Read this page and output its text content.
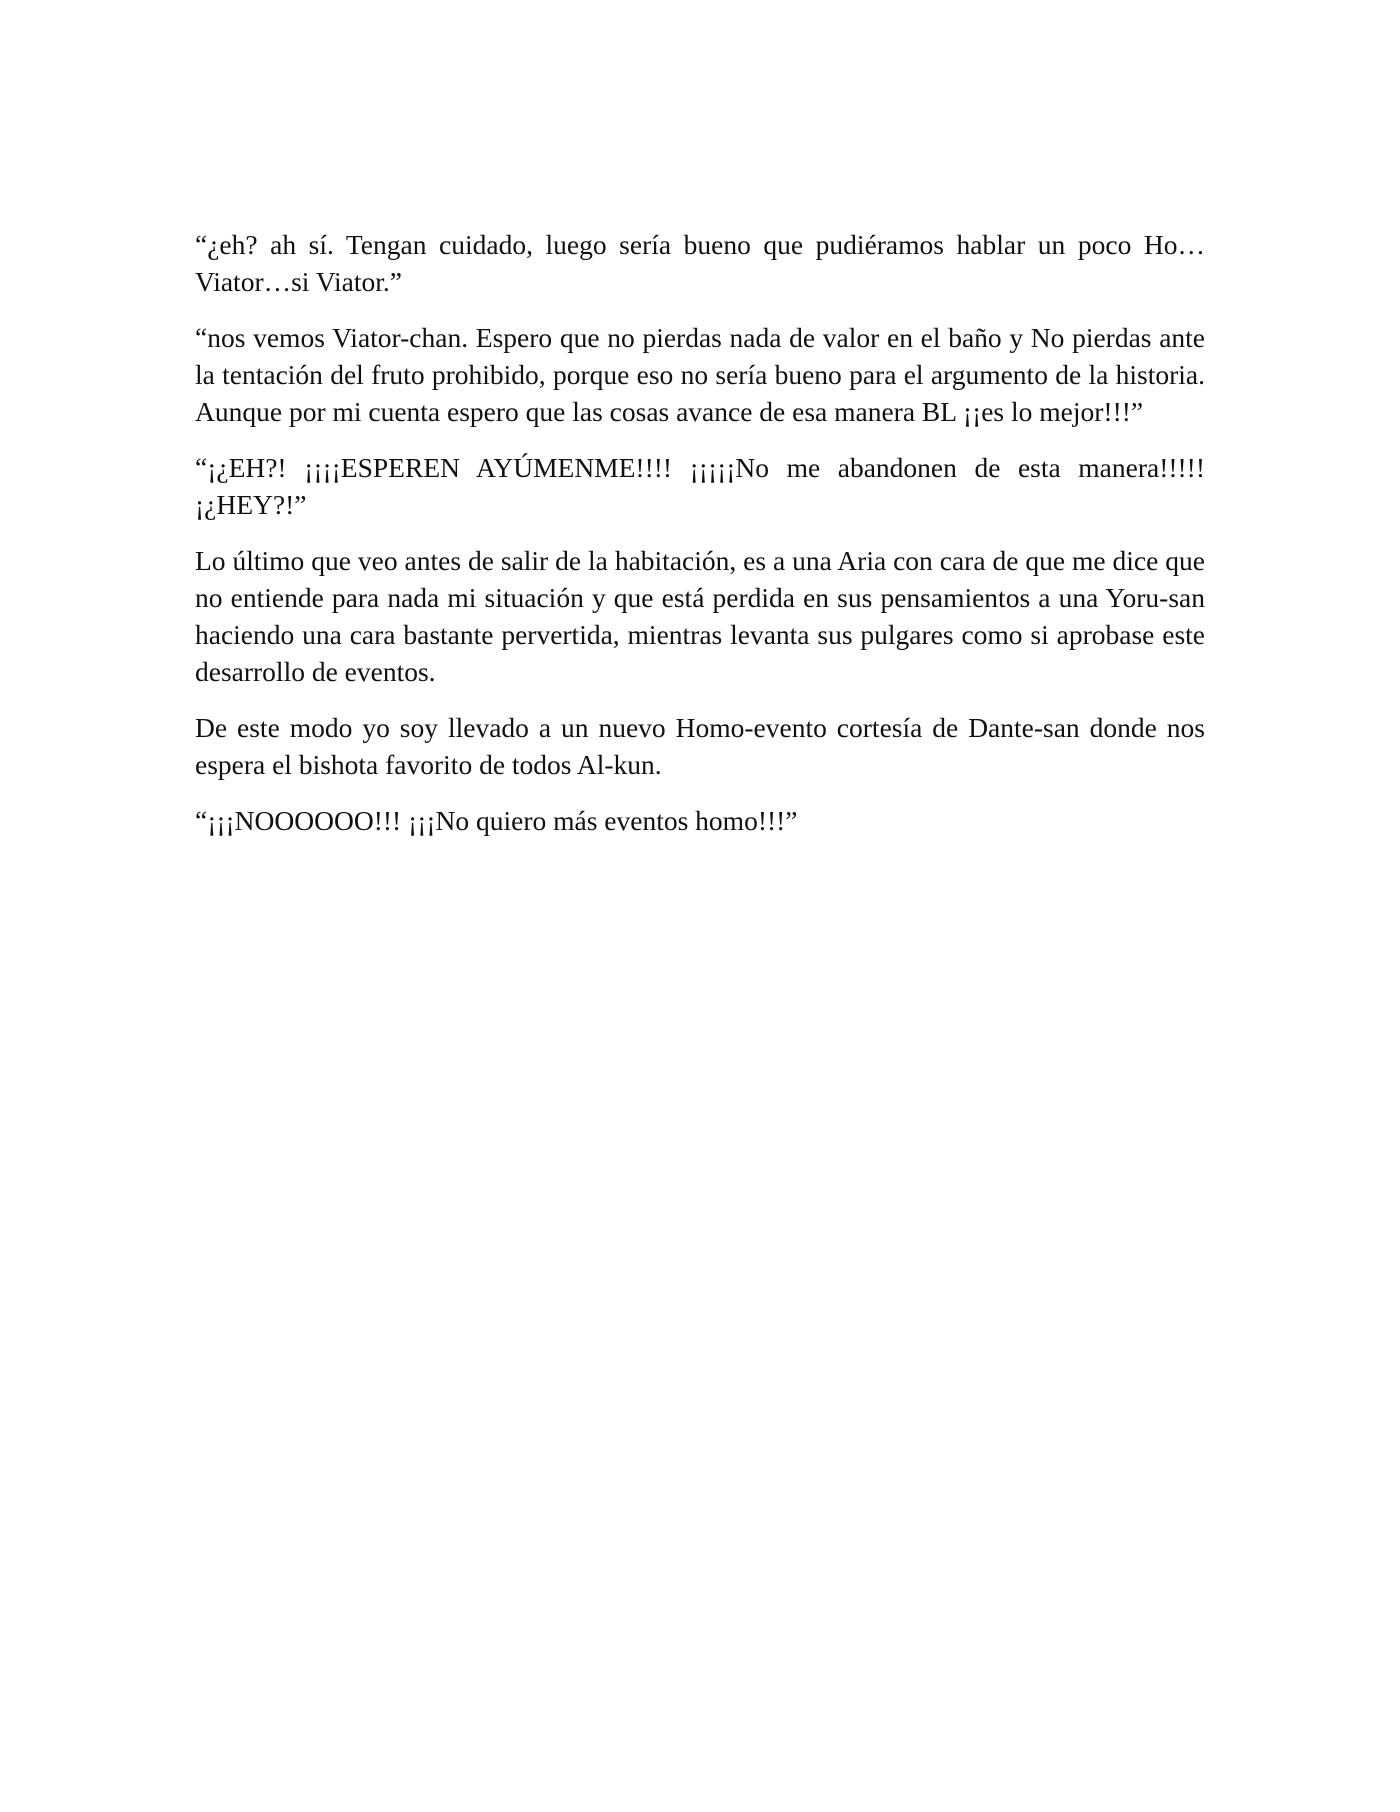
“¿eh? ah sí. Tengan cuidado, luego sería bueno que pudiéramos hablar un poco Ho…Viator…si Viator.”

“nos vemos Viator-chan. Espero que no pierdas nada de valor en el baño y No pierdas ante la tentación del fruto prohibido, porque eso no sería bueno para el argumento de la historia. Aunque por mi cuenta espero que las cosas avance de esa manera BL ¡¡es lo mejor!!!”

“¡¿EH?! ¡¡¡¡ESPEREN AYÚMENME!!!! ¡¡¡¡¡No me abandonen de esta manera!!!!! ¡¿HEY?!”

Lo último que veo antes de salir de la habitación, es a una Aria con cara de que me dice que no entiende para nada mi situación y que está perdida en sus pensamientos a una Yoru-san haciendo una cara bastante pervertida, mientras levanta sus pulgares como si aprobase este desarrollo de eventos.

De este modo yo soy llevado a un nuevo Homo-evento cortesía de Dante-san donde nos espera el bishota favorito de todos Al-kun.

“¡¡¡NOOOOOO!!! ¡¡¡No quiero más eventos homo!!!”
